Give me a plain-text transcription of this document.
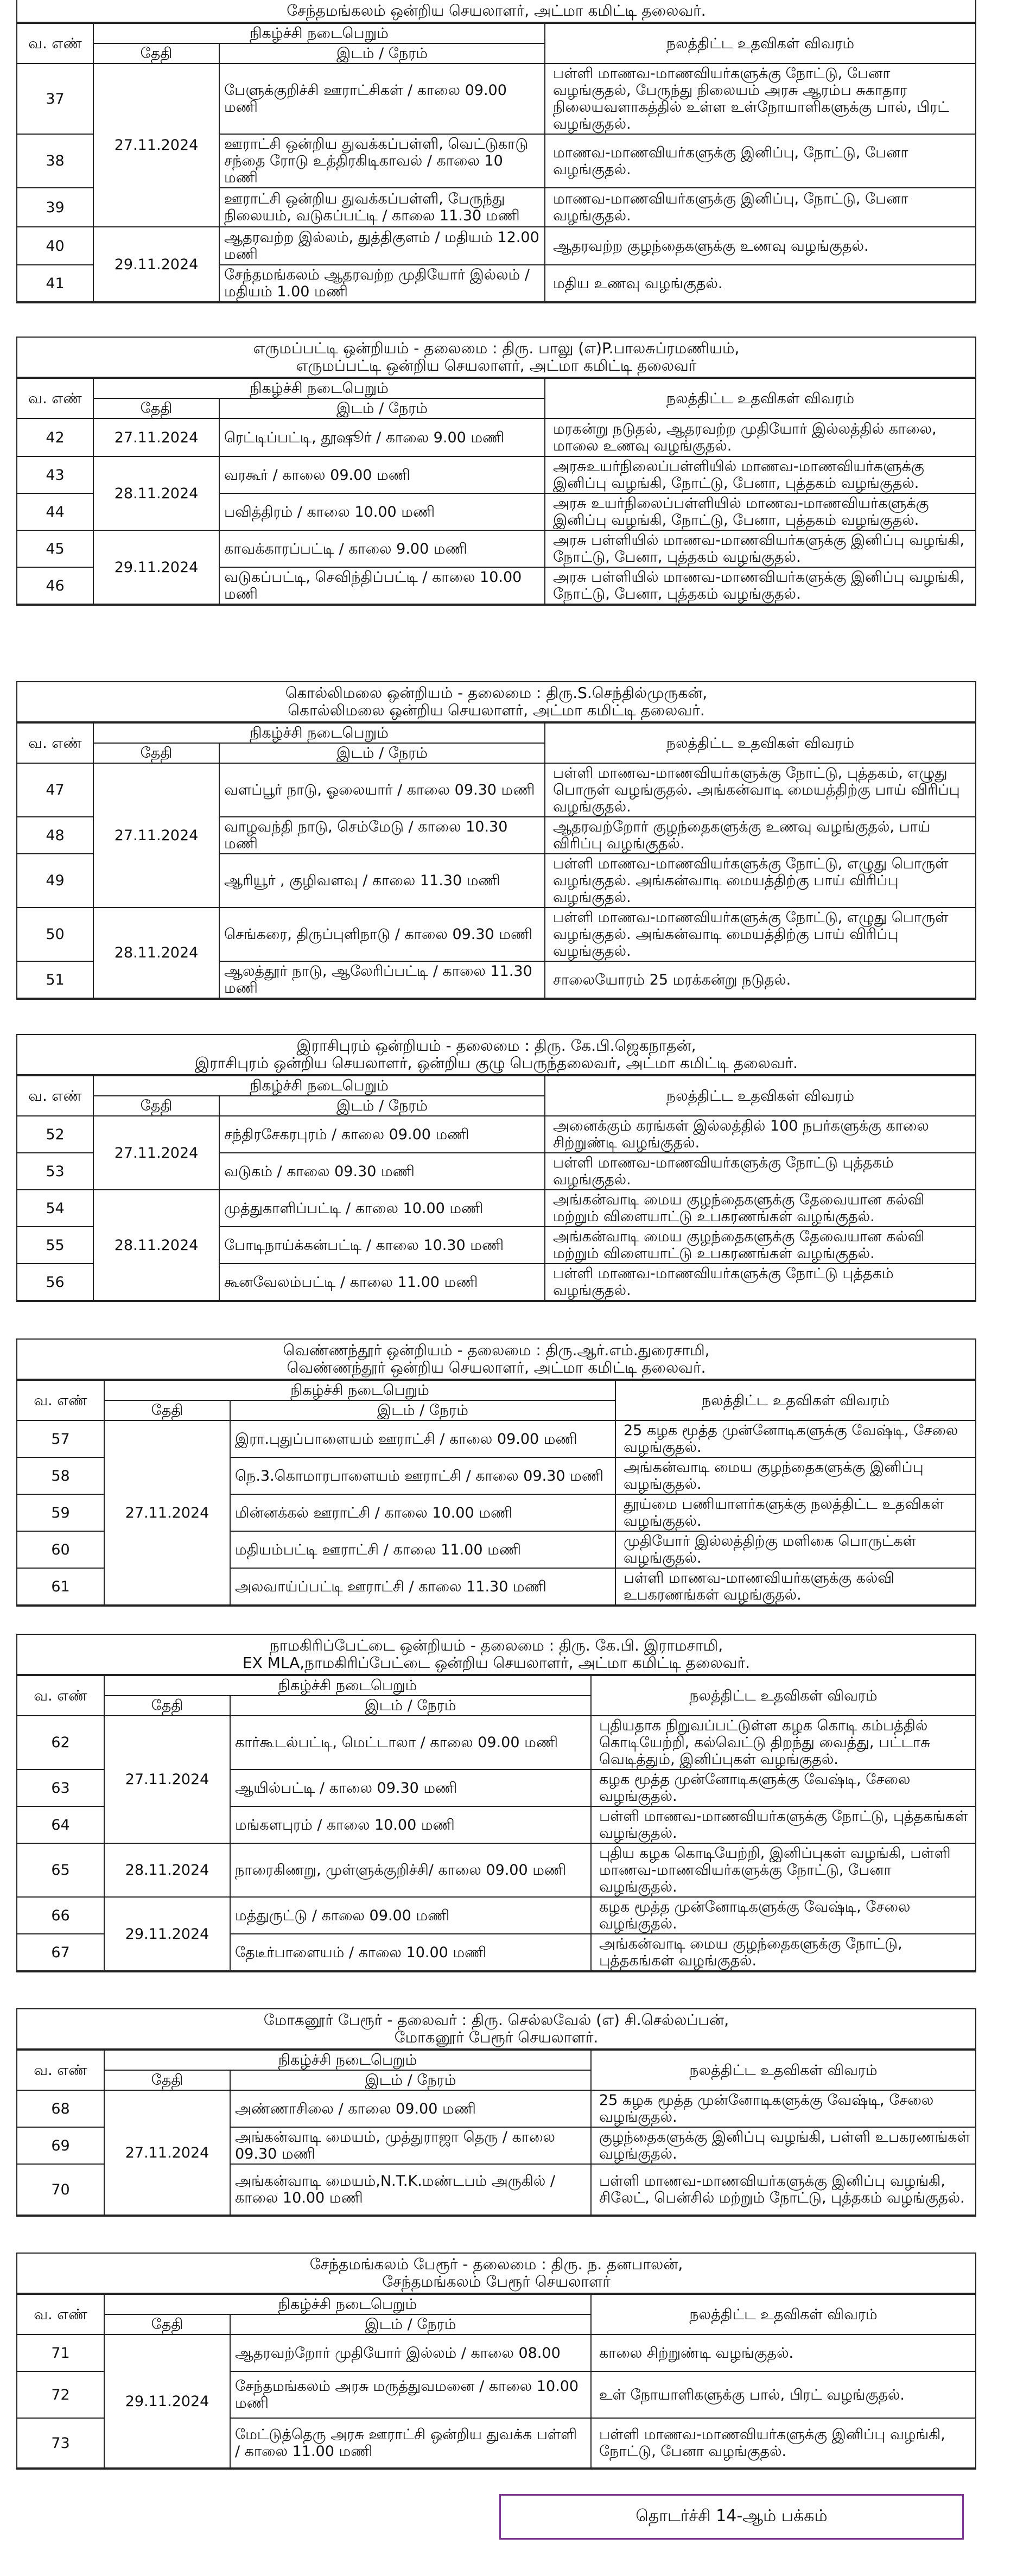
சேந்தமங்கலம் ஒன்றிய செயலாளர், அட்மா கமிட்டி தலைவர்.
வ. எண்	நிகழ்ச்சி நடைபெறும்		நலத்திட்ட உதவிகள் விவரம்
	தேதி	இடம் / நேரம்	
37	27.11.2024	பேளுக்குறிச்சி ஊராட்சிகள் / காலை 09.00 மணி	பள்ளி மாணவ-மாணவியர்களுக்கு நோட்டு, பேனா வழங்குதல், பேருந்து நிலையம் அரசு ஆரம்ப சுகாதார நிலையவளாகத்தில் உள்ள உள்நோயாளிகளுக்கு பால், பிரட் வழங்குதல்.
38		ஊராட்சி ஒன்றிய துவக்கப்பள்ளி, வெட்டுகாடு சந்தை ரோடு உத்திரகிடிகாவல் / காலை 10 மணி	மாணவ-மாணவியர்களுக்கு இனிப்பு, நோட்டு, பேனா வழங்குதல்.
39		ஊராட்சி ஒன்றிய துவக்கப்பள்ளி, பேருந்து நிலையம், வடுகப்பட்டி / காலை 11.30 மணி	மாணவ-மாணவியர்களுக்கு இனிப்பு, நோட்டு, பேனா வழங்குதல்.
40	29.11.2024	ஆதரவற்ற இல்லம், துத்திகுளம் / மதியம் 12.00 மணி	ஆதரவற்ற குழந்தைகளுக்கு உணவு வழங்குதல்.
41		சேந்தமங்கலம் ஆதரவற்ற முதியோர் இல்லம் / மதியம் 1.00 மணி	மதிய உணவு வழங்குதல்.
எருமப்பட்டி ஒன்றியம் - தலைமை : திரு. பாலு (எ)P.பாலசுப்ரமணியம்,
எருமப்பட்டி ஒன்றிய செயலாளர், அட்மா கமிட்டி தலைவர்
வ. எண்	நிகழ்ச்சி நடைபெறும்		நலத்திட்ட உதவிகள் விவரம்
	தேதி	இடம் / நேரம்	
42	27.11.2024	ரெட்டிப்பட்டி, தூஷூர் / காலை 9.00 மணி	மரகன்று நடுதல், ஆதரவற்ற முதியோர் இல்லத்தில் காலை, மாலை உணவு வழங்குதல்.
43	28.11.2024	வரகூர் / காலை 09.00 மணி	அரசுஉயர்நிலைப்பள்ளியில் மாணவ-மாணவியர்களுக்கு இனிப்பு வழங்கி, நோட்டு, பேனா, புத்தகம் வழங்குதல்.
44		பவித்திரம் / காலை 10.00 மணி	அரசு உயர்நிலைப்பள்ளியில் மாணவ-மாணவியர்களுக்கு இனிப்பு வழங்கி, நோட்டு, பேனா, புத்தகம் வழங்குதல்.
45	29.11.2024	காவக்காரப்பட்டி / காலை 9.00 மணி	அரசு பள்ளியில் மாணவ-மாணவியர்களுக்கு இனிப்பு வழங்கி, நோட்டு, பேனா, புத்தகம் வழங்குதல்.
46		வடுகப்பட்டி, செவிந்திப்பட்டி / காலை 10.00 மணி	அரசு பள்ளியில் மாணவ-மாணவியர்களுக்கு இனிப்பு வழங்கி, நோட்டு, பேனா, புத்தகம் வழங்குதல்.
கொல்லிமலை ஒன்றியம் - தலைமை : திரு.S.செந்தில்முருகன்,
கொல்லிமலை ஒன்றிய செயலாளர், அட்மா கமிட்டி தலைவர்.
வ. எண்	நிகழ்ச்சி நடைபெறும்		நலத்திட்ட உதவிகள் விவரம்
	தேதி	இடம் / நேரம்	
47	27.11.2024	வளப்பூர் நாடு, ஓலையார் / காலை 09.30 மணி	பள்ளி மாணவ-மாணவியர்களுக்கு நோட்டு, புத்தகம், எழுது பொருள் வழங்குதல். அங்கன்வாடி மையத்திற்கு பாய் விரிப்பு வழங்குதல்.
48		வாழவந்தி நாடு, செம்மேடு / காலை 10.30 மணி	ஆதரவற்றோர் குழந்தைகளுக்கு உணவு வழங்குதல், பாய் விரிப்பு வழங்குதல்.
49		ஆரியூர் , குழிவளவு / காலை 11.30 மணி	பள்ளி மாணவ-மாணவியர்களுக்கு நோட்டு, எழுது பொருள் வழங்குதல். அங்கன்வாடி மையத்திற்கு பாய் விரிப்பு வழங்குதல்.
50	28.11.2024	செங்கரை, திருப்புளிநாடு / காலை 09.30 மணி	பள்ளி மாணவ-மாணவியர்களுக்கு நோட்டு, எழுது பொருள் வழங்குதல். அங்கன்வாடி மையத்திற்கு பாய் விரிப்பு வழங்குதல்.
51		ஆலத்தூர் நாடு, ஆலேரிப்பட்டி / காலை 11.30 மணி	சாலையோரம் 25 மரக்கன்று நடுதல்.
இராசிபுரம் ஒன்றியம் - தலைமை : திரு. கே.பி.ஜெகநாதன்,
இராசிபுரம் ஒன்றிய செயலாளர், ஒன்றிய குழு பெருந்தலைவர், அட்மா கமிட்டி தலைவர்.
வ. எண்	நிகழ்ச்சி நடைபெறும்		நலத்திட்ட உதவிகள் விவரம்
	தேதி	இடம் / நேரம்	
52	27.11.2024	சந்திரசேகரபுரம் / காலை 09.00 மணி	அனைக்கும் கரங்கள் இல்லத்தில் 100 நபர்களுக்கு காலை சிற்றுண்டி வழங்குதல்.
53		வடுகம் / காலை 09.30 மணி	பள்ளி மாணவ-மாணவியர்களுக்கு நோட்டு புத்தகம் வழங்குதல்.
54	28.11.2024	முத்துகாளிப்பட்டி / காலை 10.00 மணி	அங்கன்வாடி மைய குழந்தைகளுக்கு தேவையான கல்வி மற்றும் விளையாட்டு உபகரணங்கள் வழங்குதல்.
55		போடிநாய்க்கன்பட்டி / காலை 10.30 மணி	அங்கன்வாடி மைய குழந்தைகளுக்கு தேவையான கல்வி மற்றும் விளையாட்டு உபகரணங்கள் வழங்குதல்.
56		கூனவேலம்பட்டி / காலை 11.00 மணி	பள்ளி மாணவ-மாணவியர்களுக்கு நோட்டு புத்தகம் வழங்குதல்.
வெண்ணந்தூர் ஒன்றியம் - தலைமை : திரு.ஆர்.எம்.துரைசாமி,
வெண்ணந்தூர் ஒன்றிய செயலாளர், அட்மா கமிட்டி தலைவர்.
வ. எண்	நிகழ்ச்சி நடைபெறும்		நலத்திட்ட உதவிகள் விவரம்
	தேதி	இடம் / நேரம்	
57	27.11.2024	இரா.புதுப்பாளையம் ஊராட்சி / காலை 09.00 மணி	25 கழக மூத்த முன்னோடிகளுக்கு வேஷ்டி, சேலை வழங்குதல்.
58		நெ.3.கொமாரபாளையம் ஊராட்சி / காலை 09.30 மணி	அங்கன்வாடி மைய குழந்தைகளுக்கு இனிப்பு வழங்குதல்.
59		மின்னக்கல் ஊராட்சி / காலை 10.00 மணி	தூய்மை பணியாளர்களுக்கு நலத்திட்ட உதவிகள் வழங்குதல்.
60		மதியம்பட்டி ஊராட்சி / காலை 11.00 மணி	முதியோர் இல்லத்திற்கு மளிகை பொருட்கள் வழங்குதல்.
61		அலவாய்ப்பட்டி ஊராட்சி / காலை 11.30 மணி	பள்ளி மாணவ-மாணவியர்களுக்கு கல்வி உபகரணங்கள் வழங்குதல்.
நாமகிரிப்பேட்டை ஒன்றியம் - தலைமை : திரு. கே.பி. இராமசாமி,
EX MLA,நாமகிரிப்பேட்டை ஒன்றிய செயலாளர், அட்மா கமிட்டி தலைவர்.
வ. எண்	நிகழ்ச்சி நடைபெறும்		நலத்திட்ட உதவிகள் விவரம்
	தேதி	இடம் / நேரம்	
62	27.11.2024	கார்கூடல்பட்டி, மெட்டாலா / காலை 09.00 மணி	புதியதாக நிறுவப்பட்டுள்ள கழக கொடி கம்பத்தில் கொடியேற்றி, கல்வெட்டு திறந்து வைத்து, பட்டாசு வெடித்தும், இனிப்புகள் வழங்குதல்.
63		ஆயில்பட்டி / காலை 09.30 மணி	கழக மூத்த முன்னோடிகளுக்கு வேஷ்டி, சேலை வழங்குதல்.
64		மங்களபுரம் / காலை 10.00 மணி	பள்ளி மாணவ-மாணவியர்களுக்கு நோட்டு, புத்தகங்கள் வழங்குதல்.
65	28.11.2024	நாரைகிணறு, முள்ளுக்குறிச்சி/ காலை 09.00 மணி	புதிய கழக கொடியேற்றி, இனிப்புகள் வழங்கி, பள்ளி மாணவ-மாணவியர்களுக்கு நோட்டு, பேனா வழங்குதல்.
66	29.11.2024	மத்துருட்டு / காலை 09.00 மணி	கழக மூத்த முன்னோடிகளுக்கு வேஷ்டி, சேலை வழங்குதல்.
67		தேடீர்பாளையம் / காலை 10.00 மணி	அங்கன்வாடி மைய குழந்தைகளுக்கு நோட்டு, புத்தகங்கள் வழங்குதல்.
மோகனூர் பேரூர் - தலைவர் : திரு. செல்லவேல் (எ) சி.செல்லப்பன்,
மோகனூர் பேரூர் செயலாளர்.
வ. எண்	நிகழ்ச்சி நடைபெறும்		நலத்திட்ட உதவிகள் விவரம்
	தேதி	இடம் / நேரம்	
68	27.11.2024	அண்ணாசிலை / காலை 09.00 மணி	25 கழக மூத்த முன்னோடிகளுக்கு வேஷ்டி, சேலை வழங்குதல்.
69		அங்கன்வாடி மையம், முத்துராஜா தெரு / காலை 09.30 மணி	குழந்தைகளுக்கு இனிப்பு வழங்கி, பள்ளி உபகரணங்கள் வழங்குதல்.
70		அங்கன்வாடி மையம்,N.T.K.மண்டபம் அருகில் / காலை 10.00 மணி	பள்ளி மாணவ-மாணவியர்களுக்கு இனிப்பு வழங்கி, சிலேட், பென்சில் மற்றும் நோட்டு, புத்தகம் வழங்குதல்.
சேந்தமங்கலம் பேரூர் - தலைமை : திரு. ந. தனபாலன்,
சேந்தமங்கலம் பேரூர் செயலாளர்
வ. எண்	நிகழ்ச்சி நடைபெறும்		நலத்திட்ட உதவிகள் விவரம்
	தேதி	இடம் / நேரம்	
71	29.11.2024	ஆதரவற்றோர் முதியோர் இல்லம் / காலை 08.00	காலை சிற்றுண்டி வழங்குதல்.
72		சேந்தமங்கலம் அரசு மருத்துவமனை / காலை 10.00 மணி	உள் நோயாளிகளுக்கு பால், பிரட் வழங்குதல்.
73		மேட்டுத்தெரு அரசு ஊராட்சி ஒன்றிய துவக்க பள்ளி / காலை 11.00 மணி	பள்ளி மாணவ-மாணவியர்களுக்கு இனிப்பு வழங்கி, நோட்டு, பேனா வழங்குதல்.
தொடர்ச்சி 14-ஆம் பக்கம்
